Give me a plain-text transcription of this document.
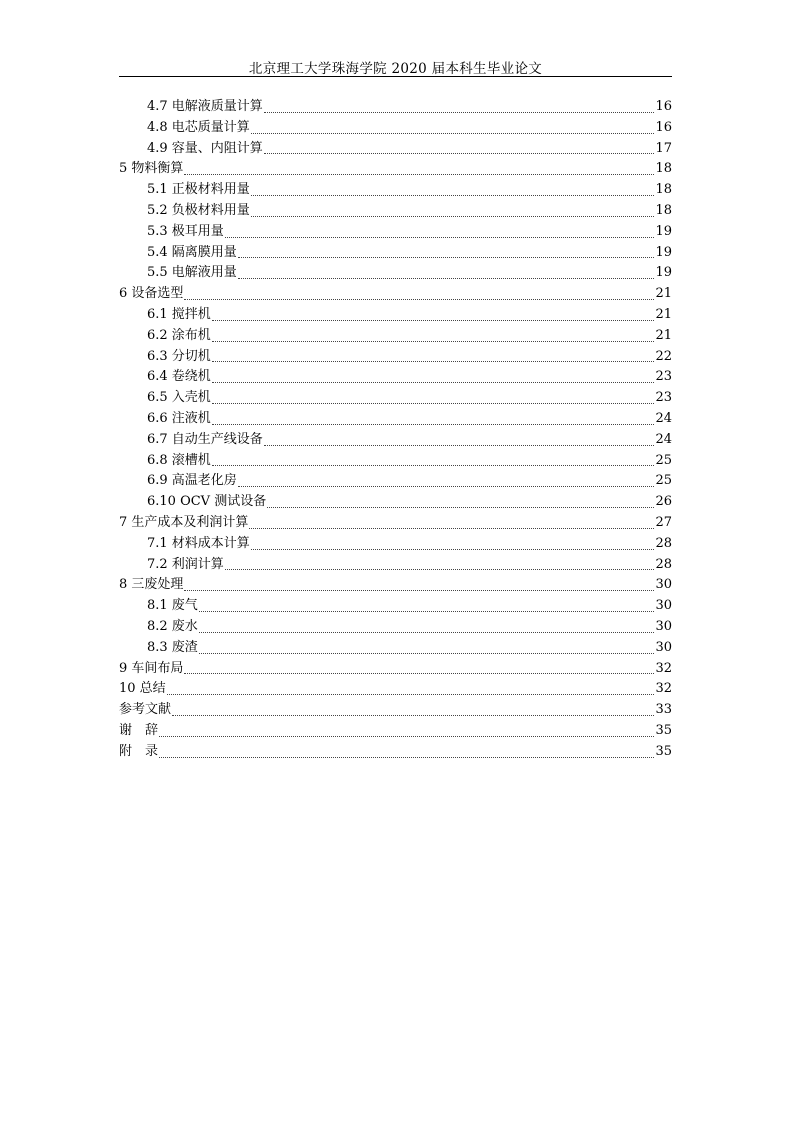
北京理工大学珠海学院 2020 届本科生毕业论文
4.7 电解液质量计算	16
4.8 电芯质量计算	16
4.9 容量、内阻计算	17
5 物料衡算	18
5.1 正极材料用量	18
5.2 负极材料用量	18
5.3 极耳用量	19
5.4 隔离膜用量	19
5.5 电解液用量	19
6 设备选型	21
6.1 搅拌机	21
6.2 涂布机	21
6.3 分切机	22
6.4 卷绕机	23
6.5 入壳机	23
6.6 注液机	24
6.7 自动生产线设备	24
6.8 滚槽机	25
6.9 高温老化房	25
6.10 OCV 测试设备	26
7 生产成本及利润计算	27
7.1 材料成本计算	28
7.2 利润计算	28
8 三废处理	30
8.1 废气	30
8.2 废水	30
8.3 废渣	30
9 车间布局	32
10 总结	32
参考文献	33
谢　辞	35
附　录	35
